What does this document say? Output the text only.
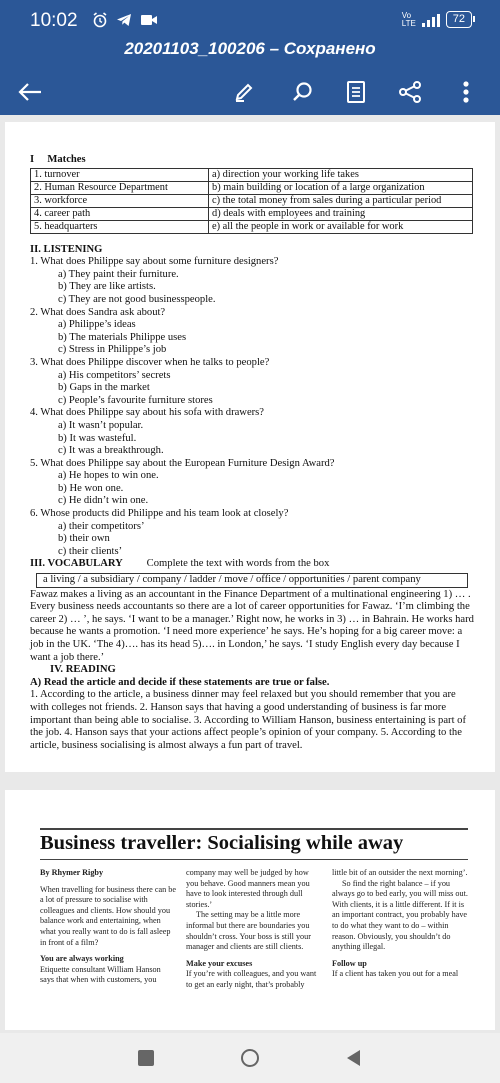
10:02	Vo LTE	72
20201103_100206 – Сохранено

I Matches

1. turnover	a) direction your working life takes
2. Human Resource Department	b) main building or location of a large organization
3. workforce	c) the total money from sales during a particular period
4. career path	d) deals with employees and training
5. headquarters	e) all the people in work or available for work

II. LISTENING

1. What does Philippe say about some furniture designers?

a) They paint their furniture.

b) They are like artists.

c) They are not good businesspeople.

2. What does Sandra ask about?

a) Philippe’s ideas

b) The materials Philippe uses

c) Stress in Philippe’s job

3. What does Philippe discover when he talks to people?

a) His competitors’ secrets

b) Gaps in the market

c) People’s favourite furniture stores

4. What does Philippe say about his sofa with drawers?

a) It wasn’t popular.

b) It was wasteful.

c) It was a breakthrough.

5. What does Philippe say about the European Furniture Design Award?

a) He hopes to win one.

b) He won one.

c) He didn’t win one.

6. Whose products did Philippe and his team look at closely?

a) their competitors’

b) their own

c) their clients’

III. VOCABULARY Complete the text with words from the box

a living / a subsidiary / company / ladder / move / office / opportunities / parent company

Fawaz makes a living as an accountant in the Finance Department of a multinational engineering 1) … . Every business needs accountants so there are a lot of career opportunities for Fawaz. ‘I’m climbing the career 2) … ’, he says. ‘I want to be a manager.’ Right now, he works in 3) … in Bahrain. He works hard because he wants a promotion. ‘I need more experience’ he says. He’s hoping for a big career move: a job in the UK. ‘The 4)…. has its head 5)…. in London,’ he says. ‘I study English every day because I want a job there.’

IV. READING

A) Read the article and decide if these statements are true or false.

1. According to the article, a business dinner may feel relaxed but you should remember that you are with colleges not friends. 2. Hanson says that having a good understanding of business is far more important than being able to socialise. 3. According to William Hanson, business entertaining is part of the job. 4. Hanson says that your actions affect people’s opinion of your company. 5. According to the article, business socialising is almost always a fun part of travel.

Business traveller: Socialising while away
By Rhymer Rigby
When travelling for business there can be a lot of pressure to socialise with colleagues and clients. How should you balance work and entertaining, when what you really want to do is fall asleep in front of a film?
You are always working
Etiquette consultant William Hanson says that when with customers, you
company may well be judged by how you behave. Good manners mean you have to look interested through dull stories.’
The setting may be a little more informal but there are boundaries you shouldn’t cross. Your boss is still your manager and clients are still clients.
Make your excuses
If you’re with colleagues, and you want to get an early night, that’s probably
little bit of an outsider the next morning’.
So find the right balance – if you always go to bed early, you will miss out. With clients, it is a little different. If it is an important contract, you probably have to do what they want to do – within reason. Obviously, you shouldn’t do anything illegal.
Follow up
If a client has taken you out for a meal
